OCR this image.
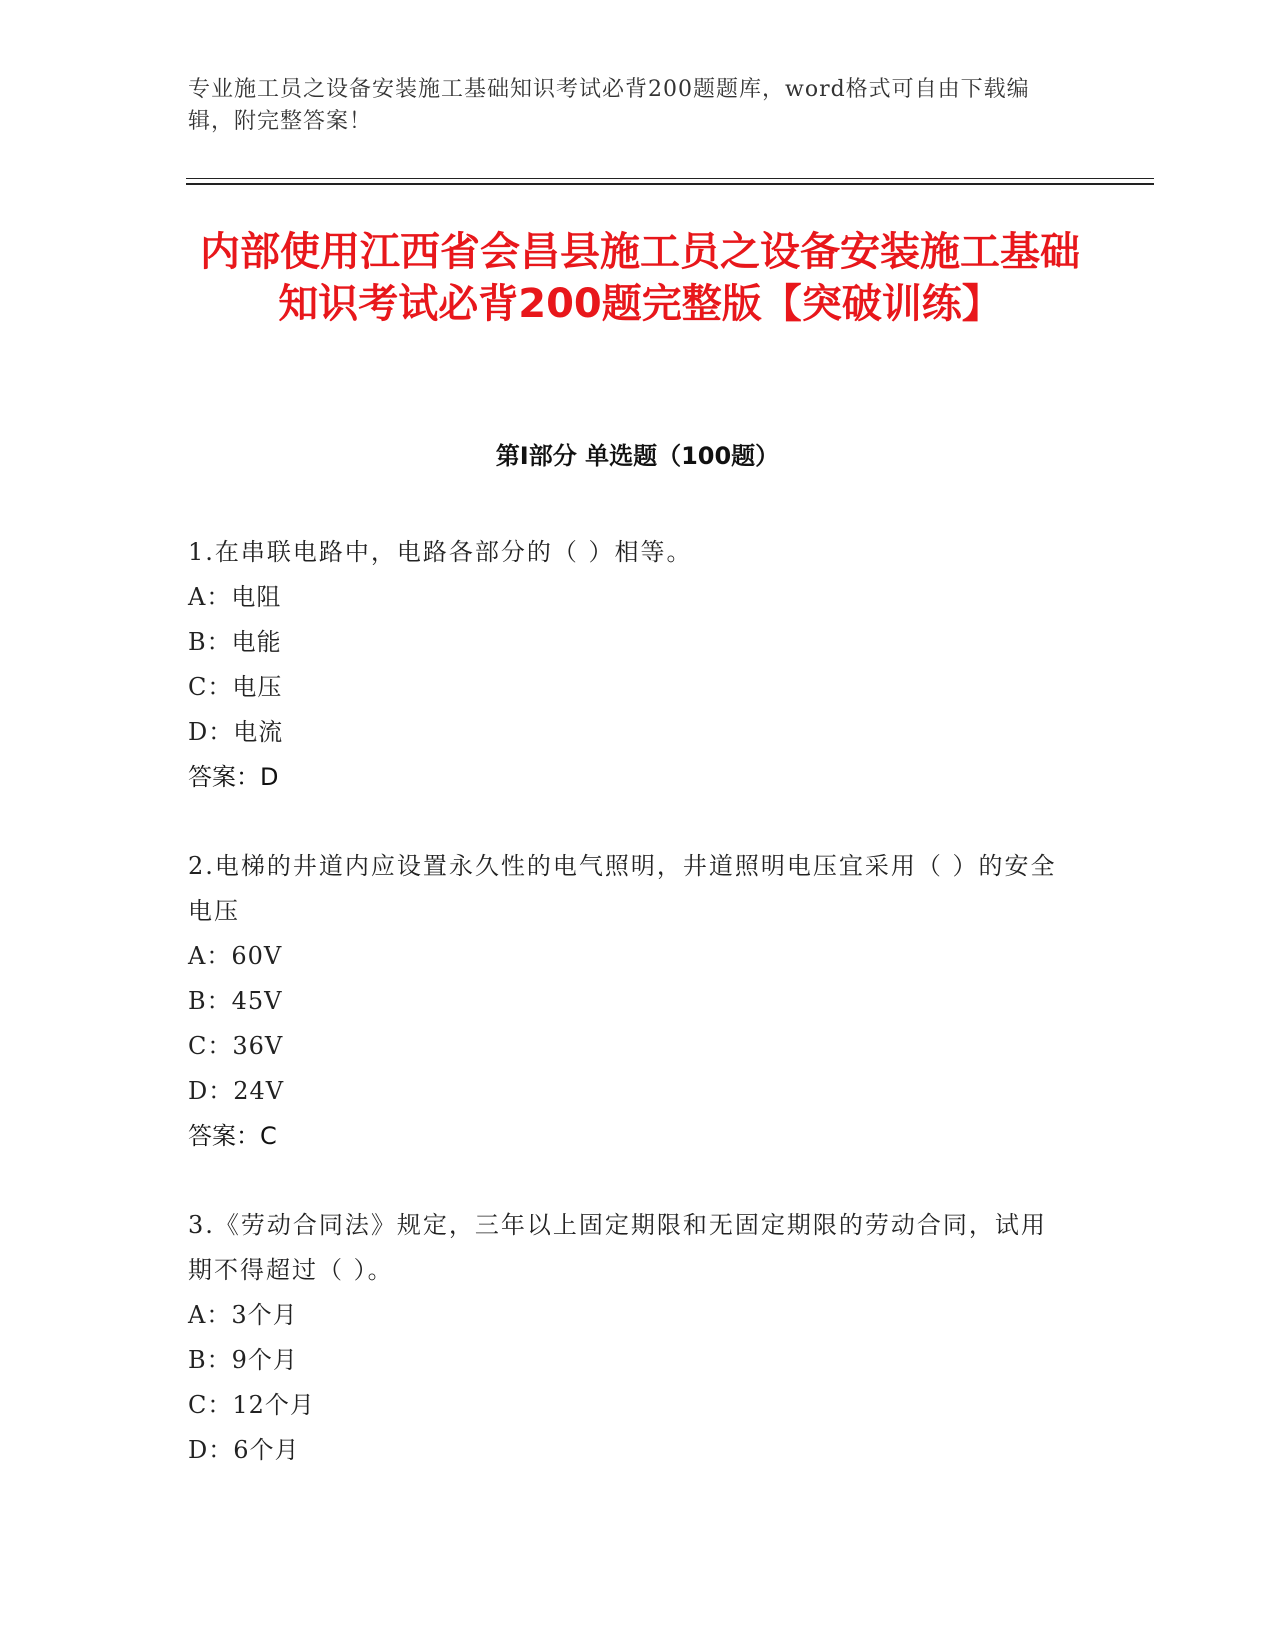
专业施工员之设备安装施工基础知识考试必背200题题库，word格式可自由下载编辑，附完整答案！
内部使用江西省会昌县施工员之设备安装施工基础知识考试必背200题完整版【突破训练】
第I部分 单选题（100题）

1.在串联电路中，电路各部分的（ ）相等。

A：电阻

B：电能

C：电压

D：电流

答案：D

2.电梯的井道内应设置永久性的电气照明，井道照明电压宜采用（ ）的安全电压

A：60V

B：45V

C：36V

D：24V

答案：C

3.《劳动合同法》规定，三年以上固定期限和无固定期限的劳动合同，试用期不得超过（ ）。

A：3个月

B：9个月

C：12个月

D：6个月
